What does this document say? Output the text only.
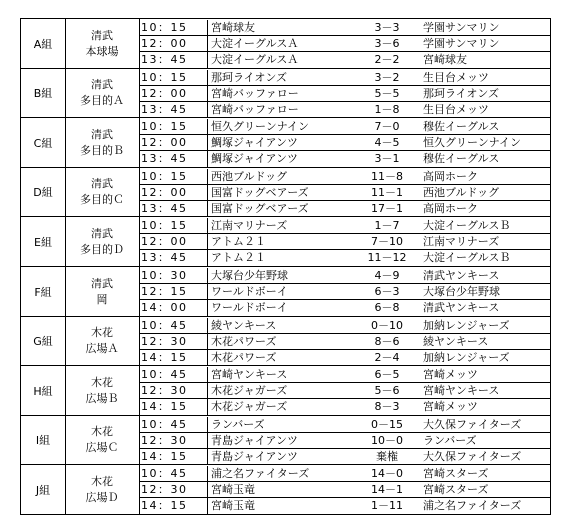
A組
清武
本球場
10：15	宮崎球友	3－3	学園サンマリン
12：00	大淀イーグルスＡ	3－6	学園サンマリン
13：45	大淀イーグルスＡ	2－2	宮崎球友
B組
清武
多目的Ａ
10：15	那珂ライオンズ	3－2	生目台メッツ
12：00	宮崎バッファロー	5－5	那珂ライオンズ
13：45	宮崎バッファロー	1－8	生目台メッツ
C組
清武
多目的Ｂ
10：15	恒久グリーンナイン	7－0	穆佐イーグルス
12：00	鯛塚ジャイアンツ	4－5	恒久グリーンナイン
13：45	鯛塚ジャイアンツ	3－1	穆佐イーグルス
D組
清武
多目的Ｃ
10：15	西池ブルドッグ	11－8	高岡ホーク
12：00	国富ドッグベアーズ	11－1	西池ブルドッグ
13：45	国富ドッグベアーズ	17－1	高岡ホーク
E組
清武
多目的Ｄ
10：15	江南マリナーズ	1－7	大淀イーグルスＢ
12：00	アトム２１	7－10	江南マリナーズ
13：45	アトム２１	11－12	大淀イーグルスＢ
F組
清武
岡
10：30	大塚台少年野球	4－9	清武ヤンキース
12：15	ワールドボーイ	6－3	大塚台少年野球
14：00	ワールドボーイ	6－8	清武ヤンキース
G組
木花
広場Ａ
10：45	綾ヤンキース	0－10	加納レンジャーズ
12：30	木花パワーズ	8－6	綾ヤンキース
14：15	木花パワーズ	2－4	加納レンジャーズ
H組
木花
広場Ｂ
10：45	宮崎ヤンキース	6－5	宮崎メッツ
12：30	木花ジャガーズ	5－6	宮崎ヤンキース
14：15	木花ジャガーズ	8－3	宮崎メッツ
I組
木花
広場Ｃ
10：45	ランバーズ	0－15	大久保ファイターズ
12：30	青島ジャイアンツ	10－0	ランバーズ
14：15	青島ジャイアンツ	棄権	大久保ファイターズ
J組
木花
広場Ｄ
10：45	浦之名ファイターズ	14－0	宮崎スターズ
12：30	宮崎玉竜	14－1	宮崎スターズ
14：15	宮崎玉竜	1－11	浦之名ファイターズ
